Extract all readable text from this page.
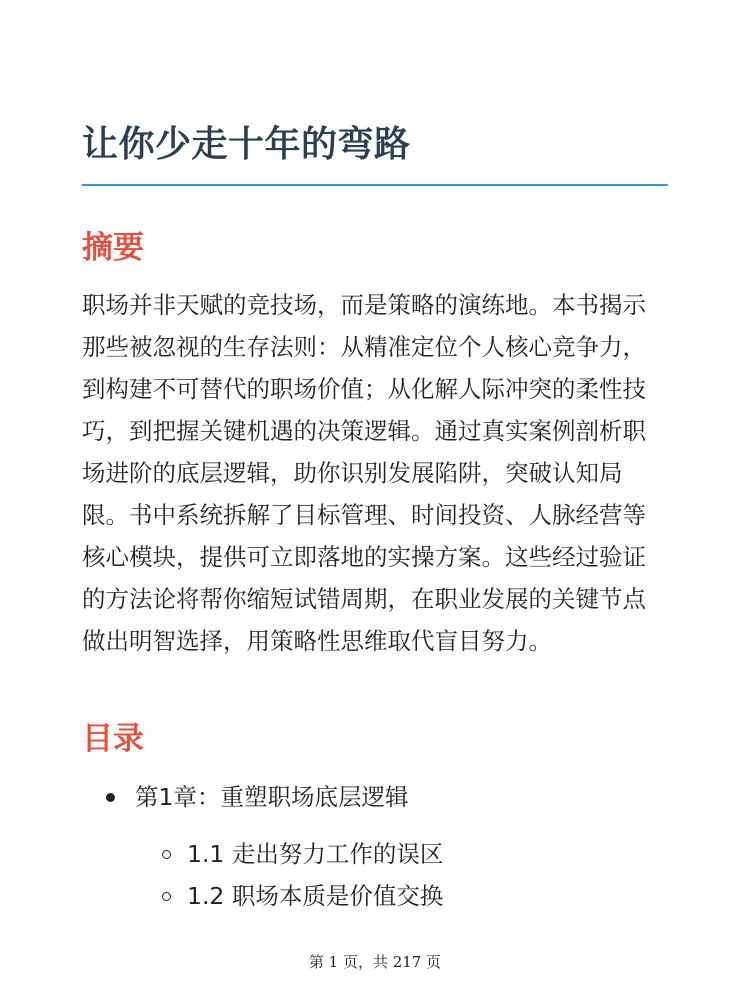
让你少走十年的弯路
摘要

职场并非天赋的竞技场，而是策略的演练地。本书揭示那些被忽视的生存法则：从精准定位个人核心竞争力，到构建不可替代的职场价值；从化解人际冲突的柔性技巧，到把握关键机遇的决策逻辑。通过真实案例剖析职场进阶的底层逻辑，助你识别发展陷阱，突破认知局限。书中系统拆解了目标管理、时间投资、人脉经营等核心模块，提供可立即落地的实操方案。这些经过验证的方法论将帮你缩短试错周期，在职业发展的关键节点做出明智选择，用策略性思维取代盲目努力。

目录
第1章：重塑职场底层逻辑
1.1 走出努力工作的误区
1.2 职场本质是价值交换
第 1 页，共 217 页
